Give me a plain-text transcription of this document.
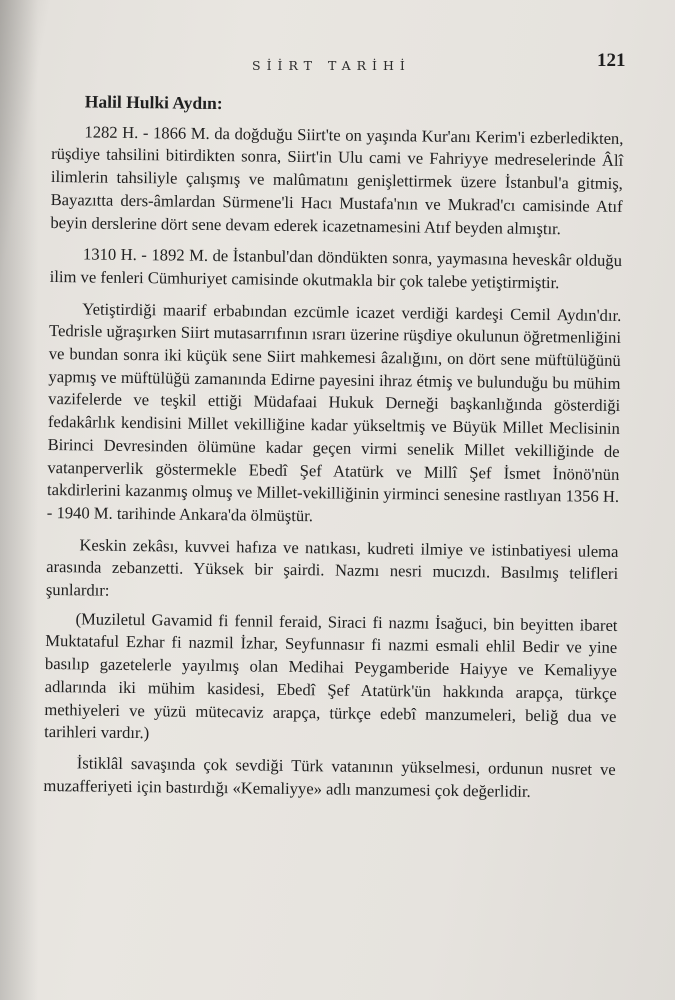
SİİRT TARİHİ	121
Halil Hulki Aydın:

1282 H. - 1866 M. da doğduğu Siirt'te on yaşında Kur'anı Kerim'i ezberledikten, rüşdiye tahsilini bitirdikten sonra, Siirt'in Ulu cami ve Fahriyye medreselerinde Âlî ilimlerin tahsiliyle çalışmış ve malûmatını genişlettirmek üzere İstanbul'a gitmiş, Bayazıtta ders-âmlardan Sürmene'li Hacı Mustafa'nın ve Mukrad'cı camisinde Atıf beyin derslerine dört sene devam ederek icazetnamesini Atıf beyden almıştır.

1310 H. - 1892 M. de İstanbul'dan döndükten sonra, yaymasına heveskâr olduğu ilim ve fenleri Cümhuriyet camisinde okutmakla bir çok talebe yetiştirmiştir.

Yetiştirdiği maarif erbabından ezcümle icazet verdiği kardeşi Cemil Aydın'dır. Tedrisle uğraşırken Siirt mutasarrıfının ısrarı üzerine rüşdiye okulunun öğretmenliğini ve bundan sonra iki küçük sene Siirt mahkemesi âzalığını, on dört sene müftülüğünü yapmış ve müftülüğü zamanında Edirne payesini ihraz étmiş ve bulunduğu bu mühim vazifelerde ve teşkil ettiği Müdafaai Hukuk Derneği başkanlığında gösterdiği fedakârlık kendisini Millet vekilliğine kadar yükseltmiş ve Büyük Millet Meclisinin Birinci Devresinden ölümüne kadar geçen virmi senelik Millet vekilliğinde de vatanperverlik göstermekle Ebedî Şef Atatürk ve Millî Şef İsmet İnönö'nün takdirlerini kazanmış olmuş ve Millet-vekilliğinin yirminci senesine rastlıyan 1356 H. - 1940 M. tarihinde Ankara'da ölmüştür.

Keskin zekâsı, kuvvei hafıza ve natıkası, kudreti ilmiye ve istinbatiyesi ulema arasında zebanzetti. Yüksek bir şairdi. Nazmı nesri mucızdı. Basılmış telifleri şunlardır:

(Muziletul Gavamid fi fennil feraid, Siraci fi nazmı İsağuci, bin beyitten ibaret Muktataful Ezhar fi nazmil İzhar, Seyfunnasır fi nazmi esmali ehlil Bedir ve yine basılıp gazetelerle yayılmış olan Medihai Peygamberide Haiyye ve Kemaliyye adlarında iki mühim kasidesi, Ebedî Şef Atatürk'ün hakkında arapça, türkçe methiyeleri ve yüzü mütecaviz arapça, türkçe edebî manzumeleri, beliğ dua ve tarihleri vardır.)

İstiklâl savaşında çok sevdiği Türk vatanının yükselmesi, ordunun nusret ve muzafferiyeti için bastırdığı «Kemaliyye» adlı manzumesi çok değerlidir.
